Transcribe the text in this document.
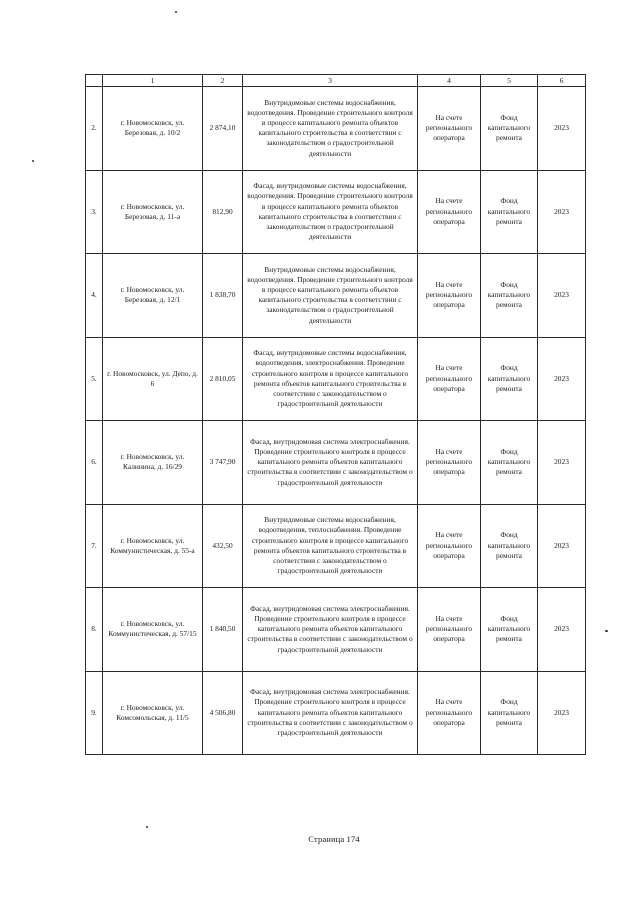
	1	2	3	4	5	6
2.	г. Новомосковск, ул. Березовая, д. 10/2	2 874,10	Внутридомовые системы водоснабжения, водоотведения. Проведение строительного контроля в процессе капитального ремонта объектов капитального строительства в соответствии с законодательством о градостроительной деятельности	На счете регионального оператора	Фонд капитального ремонта	2023
3.	г. Новомосковск, ул. Березовая, д. 11-а	812,90	Фасад, внутридомовые системы водоснабжения, водоотведения. Проведение строительного контроля в процессе капитального ремонта объектов капитального строительства в соответствии с законодательством о градостроительной деятельности	На счете регионального оператора	Фонд капитального ремонта	2023
4.	г. Новомосковск, ул. Березовая, д. 12/1	1 838,70	Внутридомовые системы водоснабжения, водоотведения. Проведение строительного контроля в процессе капитального ремонта объектов капитального строительства в соответствии с законодательством о градостроительной деятельности	На счете регионального оператора	Фонд капитального ремонта	2023
5.	г. Новомосковск, ул. Депо, д. 6	2 810,05	Фасад, внутридомовые системы водоснабжения, водоотведения, электроснабжения. Проведение строительного контроля в процессе капитального ремонта объектов капитального строительства в соответствии с законодательством о градостроительной деятельности	На счете регионального оператора	Фонд капитального ремонта	2023
6.	г. Новомосковск, ул. Калинина, д. 16/29	3 747,90	Фасад, внутридомовая система электроснабжения. Проведение строительного контроля в процессе капитального ремонта объектов капитального строительства в соответствии с законодательством о градостроительной деятельности	На счете регионального оператора	Фонд капитального ремонта	2023
7.	г. Новомосковск, ул. Коммунистическая, д. 55-а	432,50	Внутридомовые системы водоснабжения, водоотведения, теплоснабжения. Проведение строительного контроля в процессе капитального ремонта объектов капитального строительства в соответствии с законодательством о градостроительной деятельности	На счете регионального оператора	Фонд капитального ремонта	2023
8.	г. Новомосковск, ул. Коммунистическая, д. 57/15	1 840,50	Фасад, внутридомовая система электроснабжения. Проведение строительного контроля в процессе капитального ремонта объектов капитального строительства в соответствии с законодательством о градостроительной деятельности	На счете регионального оператора	Фонд капитального ремонта	2023
9.	г. Новомосковск, ул. Комсомольская, д. 11/5	4 506,80	Фасад, внутридомовая система электроснабжения. Проведение строительного контроля в процессе капитального ремонта объектов капитального строительства в соответствии с законодательством о градостроительной деятельности	На счете регионального оператора	Фонд капитального ремонта	2023
Страница 174
